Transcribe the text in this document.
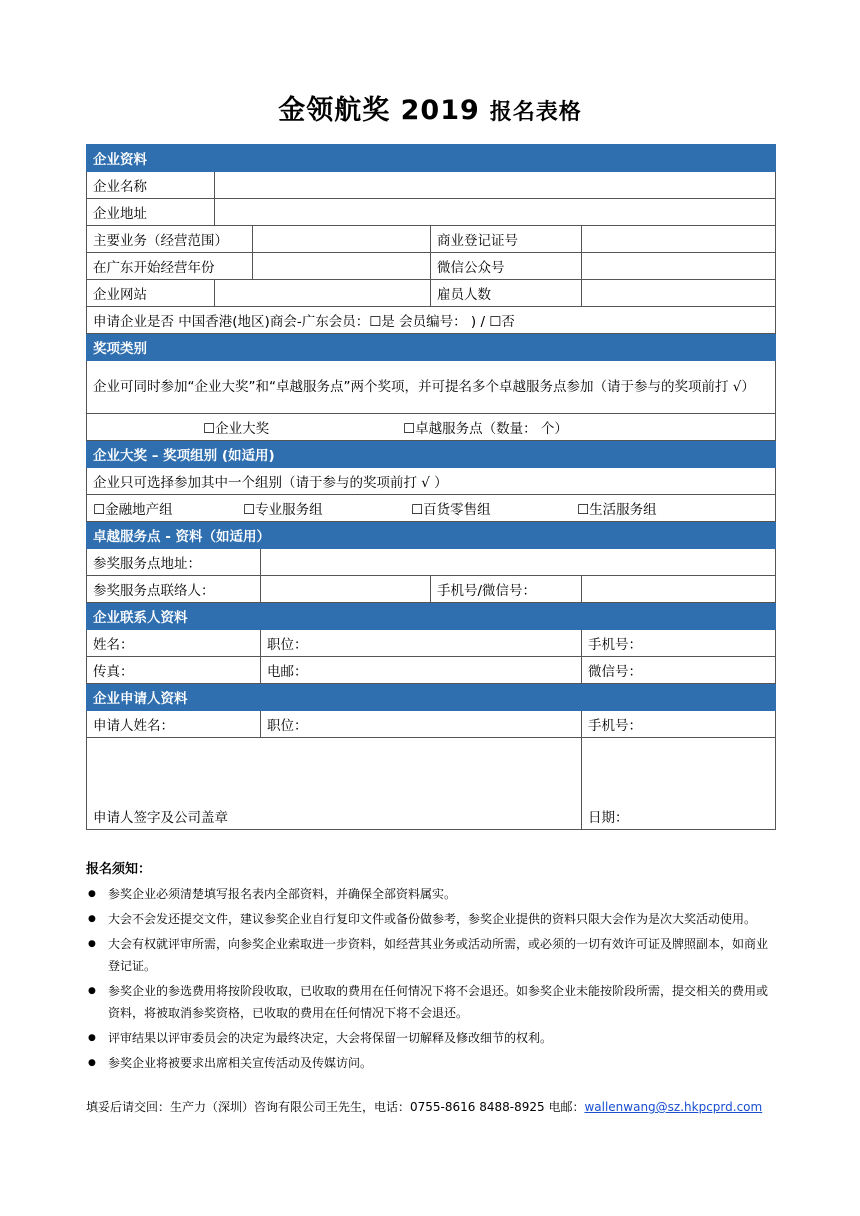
金领航奖 2019 报名表格
企业资料					
企业名称					
企业地址					
主要业务（经营范围）				商业登记证号	
在广东开始经营年份				微信公众号	
企业网站				雇员人数	
申请企业是否 中国香港(地区)商会-广东会员：☐是 会员编号： ) / ☐否					
奖项类别					
企业可同时参加“企业大奖”和“卓越服务点”两个奖项，并可提名多个卓越服务点参加（请于参与的奖项前打 √）					
☐企业大奖 ☐卓越服务点（数量： 个）					
企业大奖 – 奖项组别 (如适用)					
企业只可选择参加其中一个组别（请于参与的奖项前打 √ ）					
☐金融地产组 ☐专业服务组 ☐百货零售组 ☐生活服务组					
卓越服务点 - 资料（如适用）					
参奖服务点地址：					
参奖服务点联络人：				手机号/微信号：	
企业联系人资料					
姓名：			职位：		手机号：
传真：			电邮：		微信号：
企业申请人资料					
申请人姓名：			职位：		手机号：
申请人签字及公司盖章					日期：
报名须知：
● 参奖企业必须清楚填写报名表内全部资料，并确保全部资料属实。
● 大会不会发还提交文件，建议参奖企业自行复印文件或备份做参考，参奖企业提供的资料只限大会作为是次大奖活动使用。
● 大会有权就评审所需，向参奖企业索取进一步资料，如经营其业务或活动所需，或必须的一切有效许可证及牌照副本，如商业登记证。
● 参奖企业的参选费用将按阶段收取，已收取的费用在任何情况下将不会退还。如参奖企业未能按阶段所需，提交相关的费用或资料，将被取消参奖资格，已收取的费用在任何情况下将不会退还。
● 评审结果以评审委员会的决定为最终决定，大会将保留一切解释及修改细节的权利。
● 参奖企业将被要求出席相关宣传活动及传媒访问。
填妥后请交回：生产力（深圳）咨询有限公司王先生，电话：0755-8616 8488-8925 电邮：wallenwang@sz.hkpcprd.com
